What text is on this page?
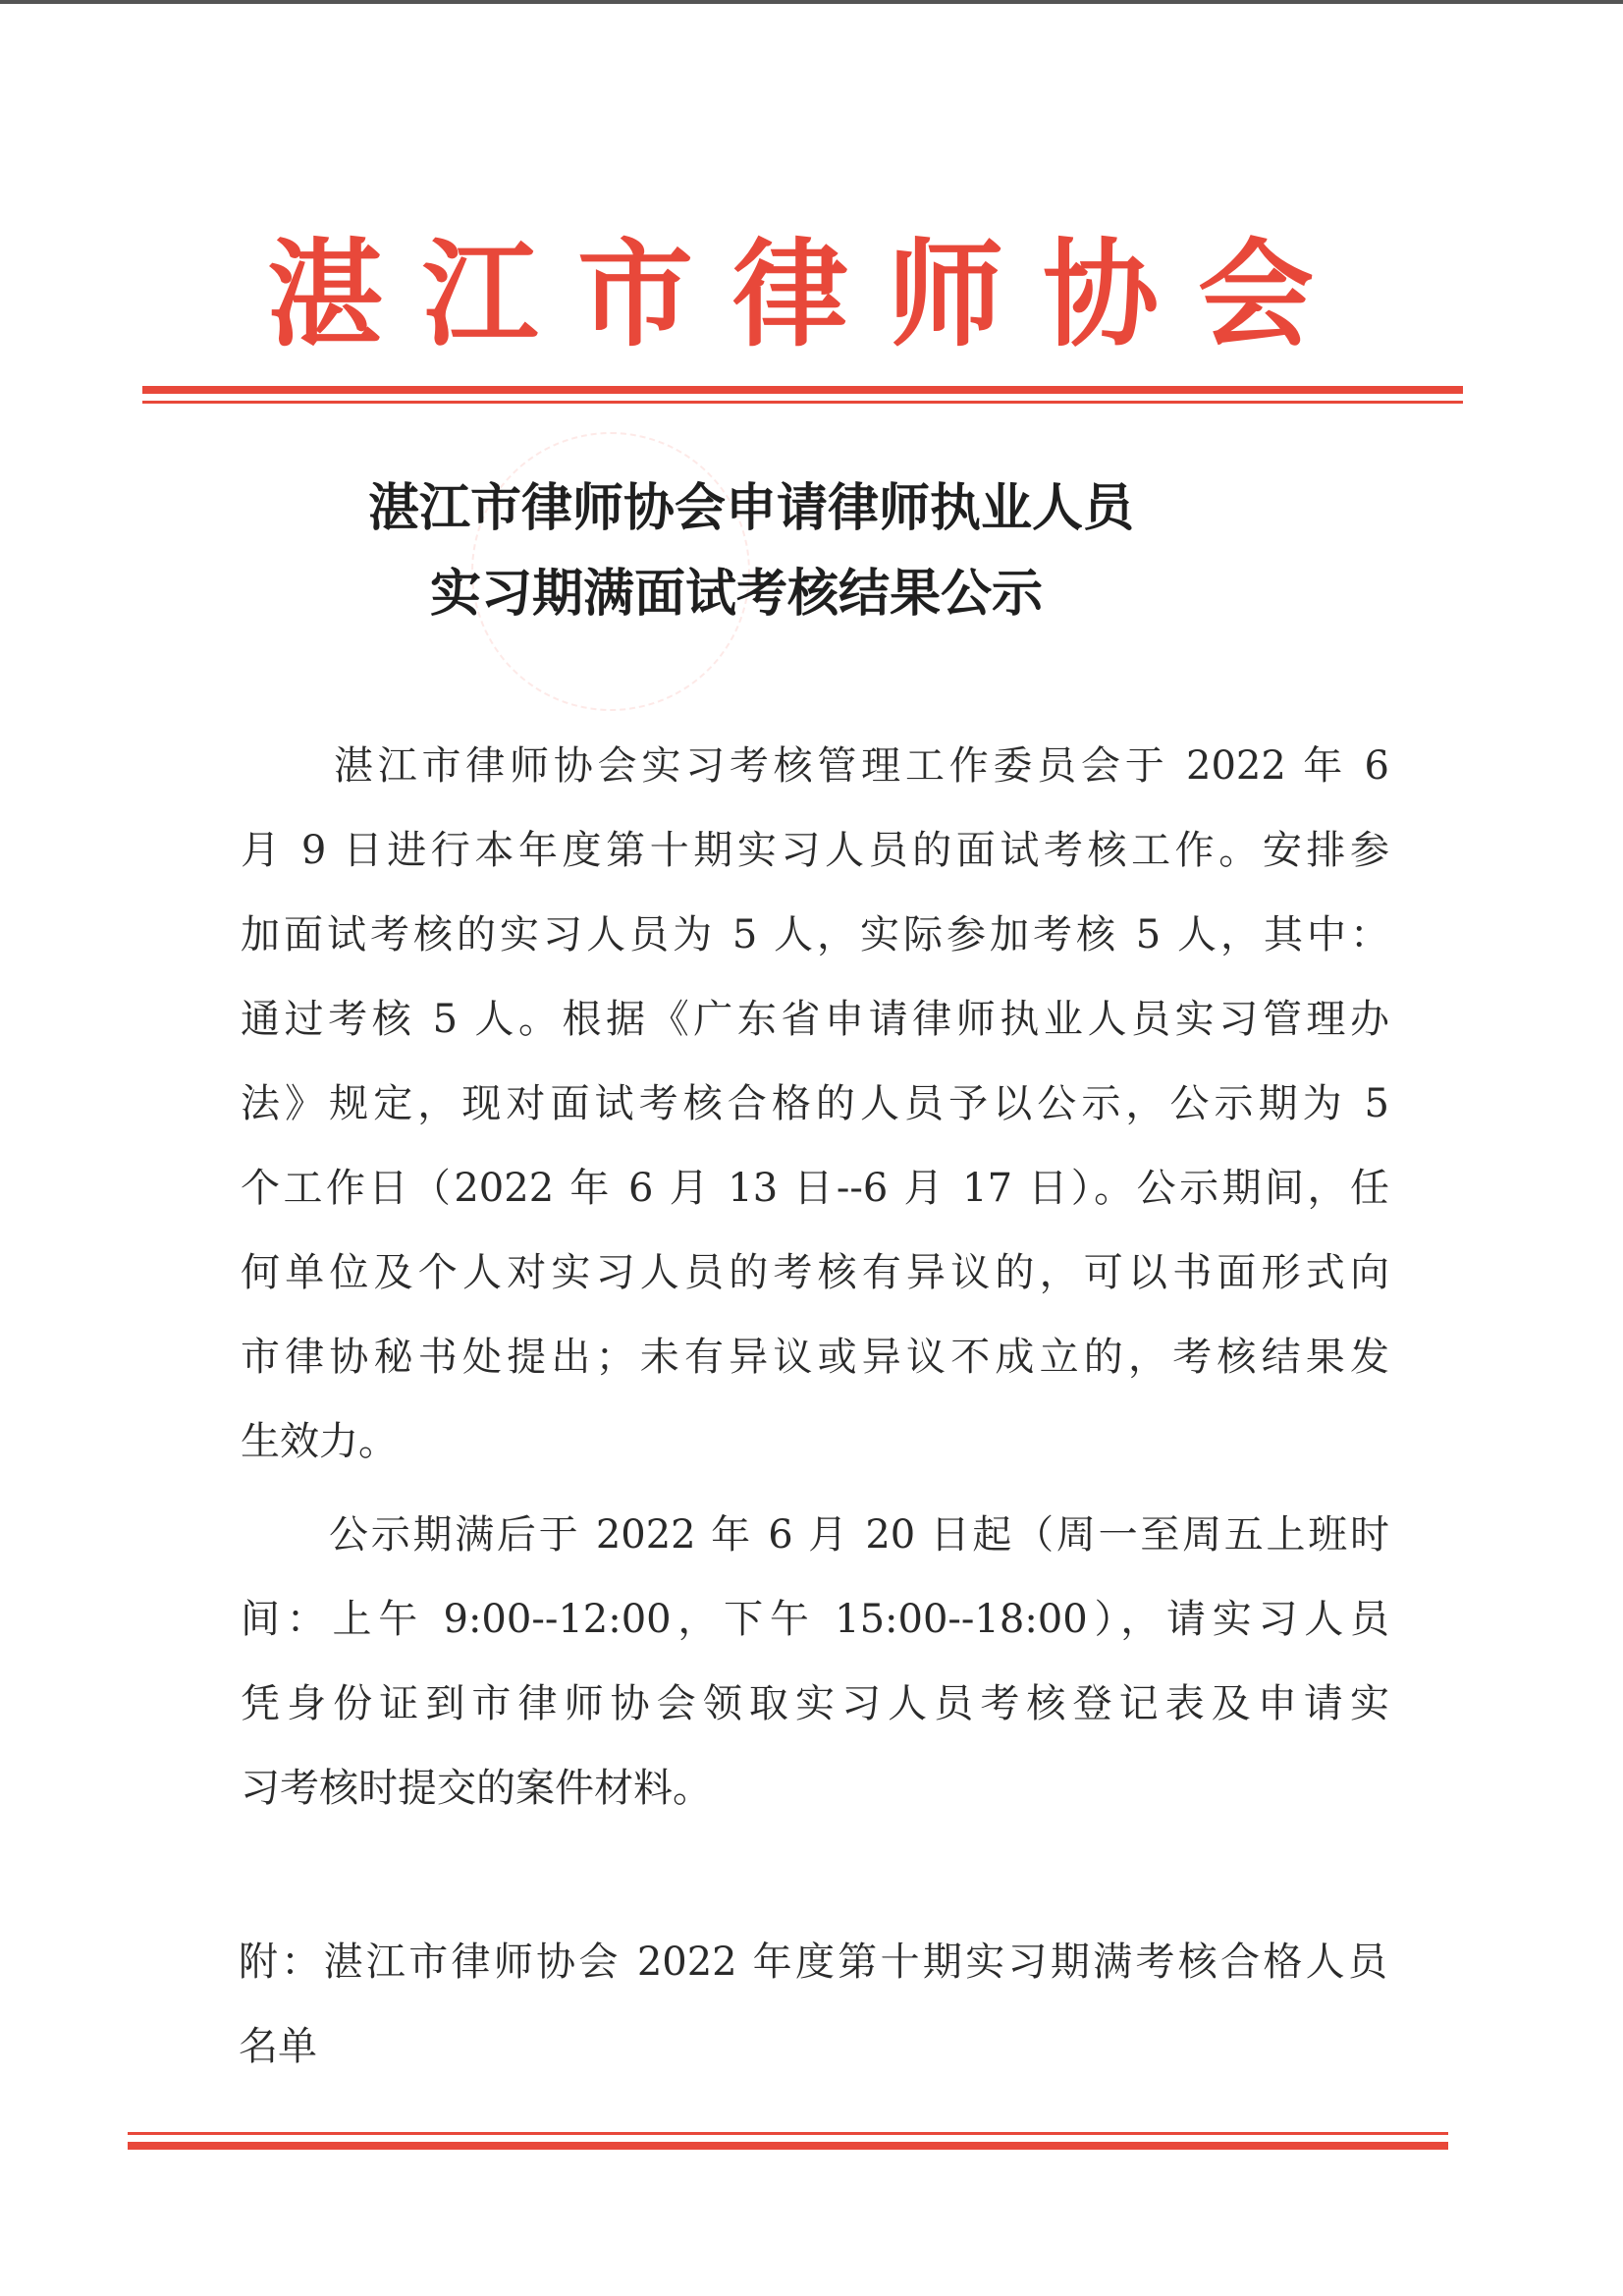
湛江市律师协会
湛江市律师协会申请律师执业人员
实习期满面试考核结果公示
湛江市律师协会实习考核管理工作委员会于 2022 年 6
月 9 日进行本年度第十期实习人员的面试考核工作。安排参
加面试考核的实习人员为 5 人，实际参加考核 5 人，其中：
通过考核 5 人。根据《广东省申请律师执业人员实习管理办
法》规定，现对面试考核合格的人员予以公示，公示期为 5
个工作日（2022 年 6 月 13 日--6 月 17 日）。公示期间，任
何单位及个人对实习人员的考核有异议的，可以书面形式向
市律协秘书处提出；未有异议或异议不成立的，考核结果发
生效力。
公示期满后于 2022 年 6 月 20 日起（周一至周五上班时
间：上午 9:00--12:00，下午 15:00--18:00），请实习人员
凭身份证到市律师协会领取实习人员考核登记表及申请实
习考核时提交的案件材料。
附：湛江市律师协会 2022 年度第十期实习期满考核合格人员
名单
